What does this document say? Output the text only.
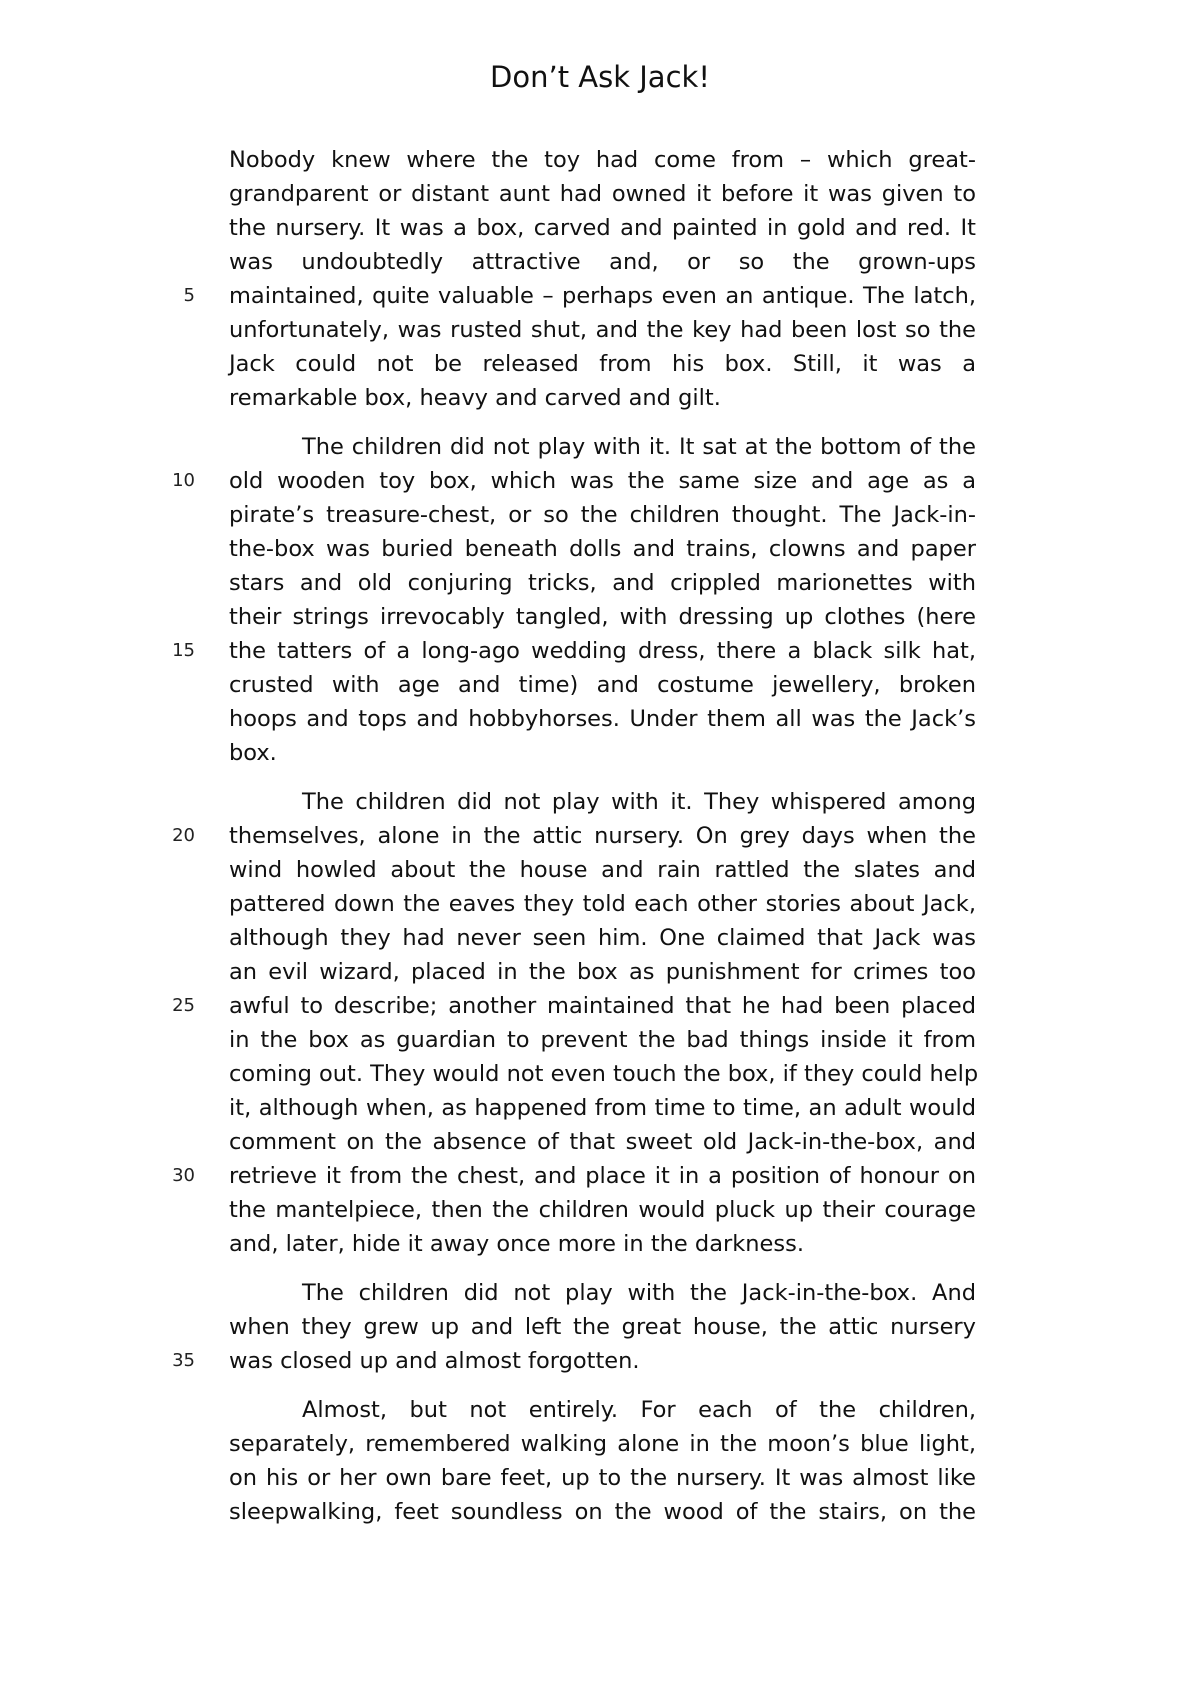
Don’t Ask Jack!
Nobody knew where the toy had come from – which great-
grandparent or distant aunt had owned it before it was given to
the nursery. It was a box, carved and painted in gold and red. It
was undoubtedly attractive and, or so the grown-ups
5 maintained, quite valuable – perhaps even an antique. The latch,
unfortunately, was rusted shut, and the key had been lost so the
Jack could not be released from his box. Still, it was a
remarkable box, heavy and carved and gilt.
The children did not play with it. It sat at the bottom of the
10 old wooden toy box, which was the same size and age as a
pirate’s treasure-chest, or so the children thought. The Jack-in-
the-box was buried beneath dolls and trains, clowns and paper
stars and old conjuring tricks, and crippled marionettes with
their strings irrevocably tangled, with dressing up clothes (here
15 the tatters of a long-ago wedding dress, there a black silk hat,
crusted with age and time) and costume jewellery, broken
hoops and tops and hobbyhorses. Under them all was the Jack’s
box.
The children did not play with it. They whispered among
20 themselves, alone in the attic nursery. On grey days when the
wind howled about the house and rain rattled the slates and
pattered down the eaves they told each other stories about Jack,
although they had never seen him. One claimed that Jack was
an evil wizard, placed in the box as punishment for crimes too
25 awful to describe; another maintained that he had been placed
in the box as guardian to prevent the bad things inside it from
coming out. They would not even touch the box, if they could help
it, although when, as happened from time to time, an adult would
comment on the absence of that sweet old Jack-in-the-box, and
30 retrieve it from the chest, and place it in a position of honour on
the mantelpiece, then the children would pluck up their courage
and, later, hide it away once more in the darkness.
The children did not play with the Jack-in-the-box. And
when they grew up and left the great house, the attic nursery
35 was closed up and almost forgotten.
Almost, but not entirely. For each of the children,
separately, remembered walking alone in the moon’s blue light,
on his or her own bare feet, up to the nursery. It was almost like
sleepwalking, feet soundless on the wood of the stairs, on the
